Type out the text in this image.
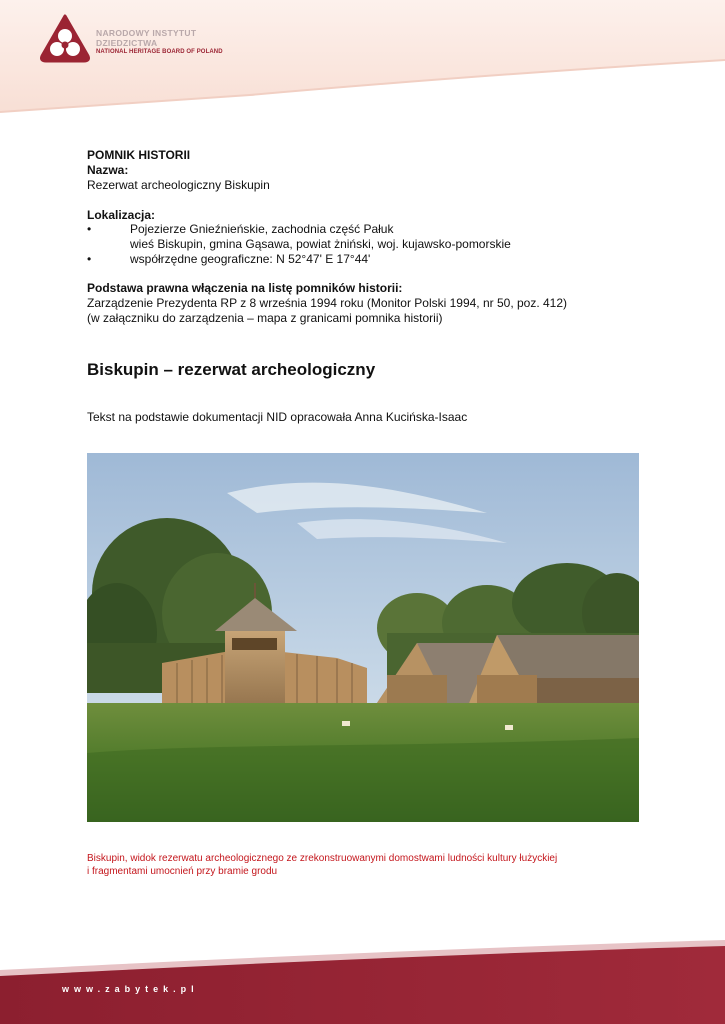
NARODOWY INSTYTUT
DZIEDZICTWA
NATIONAL HERITAGE BOARD OF POLAND
POMNIK HISTORII
Nazwa:
Rezerwat archeologiczny Biskupin
Lokalizacja:
•	Pojezierze Gnieźnieńskie, zachodnia część Pałuk
wieś Biskupin, gmina Gąsawa, powiat żniński, woj. kujawsko-pomorskie
•	współrzędne geograficzne: N 52°47' E 17°44'
Podstawa prawna włączenia na listę pomników historii:
Zarządzenie Prezydenta RP z 8 września 1994 roku (Monitor Polski 1994, nr 50, poz. 412)
(w załączniku do zarządzenia – mapa z granicami pomnika historii)
Biskupin – rezerwat archeologiczny
Tekst na podstawie dokumentacji NID opracowała Anna Kucińska-Isaac
Biskupin, widok rezerwatu archeologicznego ze zrekonstruowanymi domostwami ludności kultury łużyckiej
i fragmentami umocnień przy bramie grodu
www.zabytek.pl
